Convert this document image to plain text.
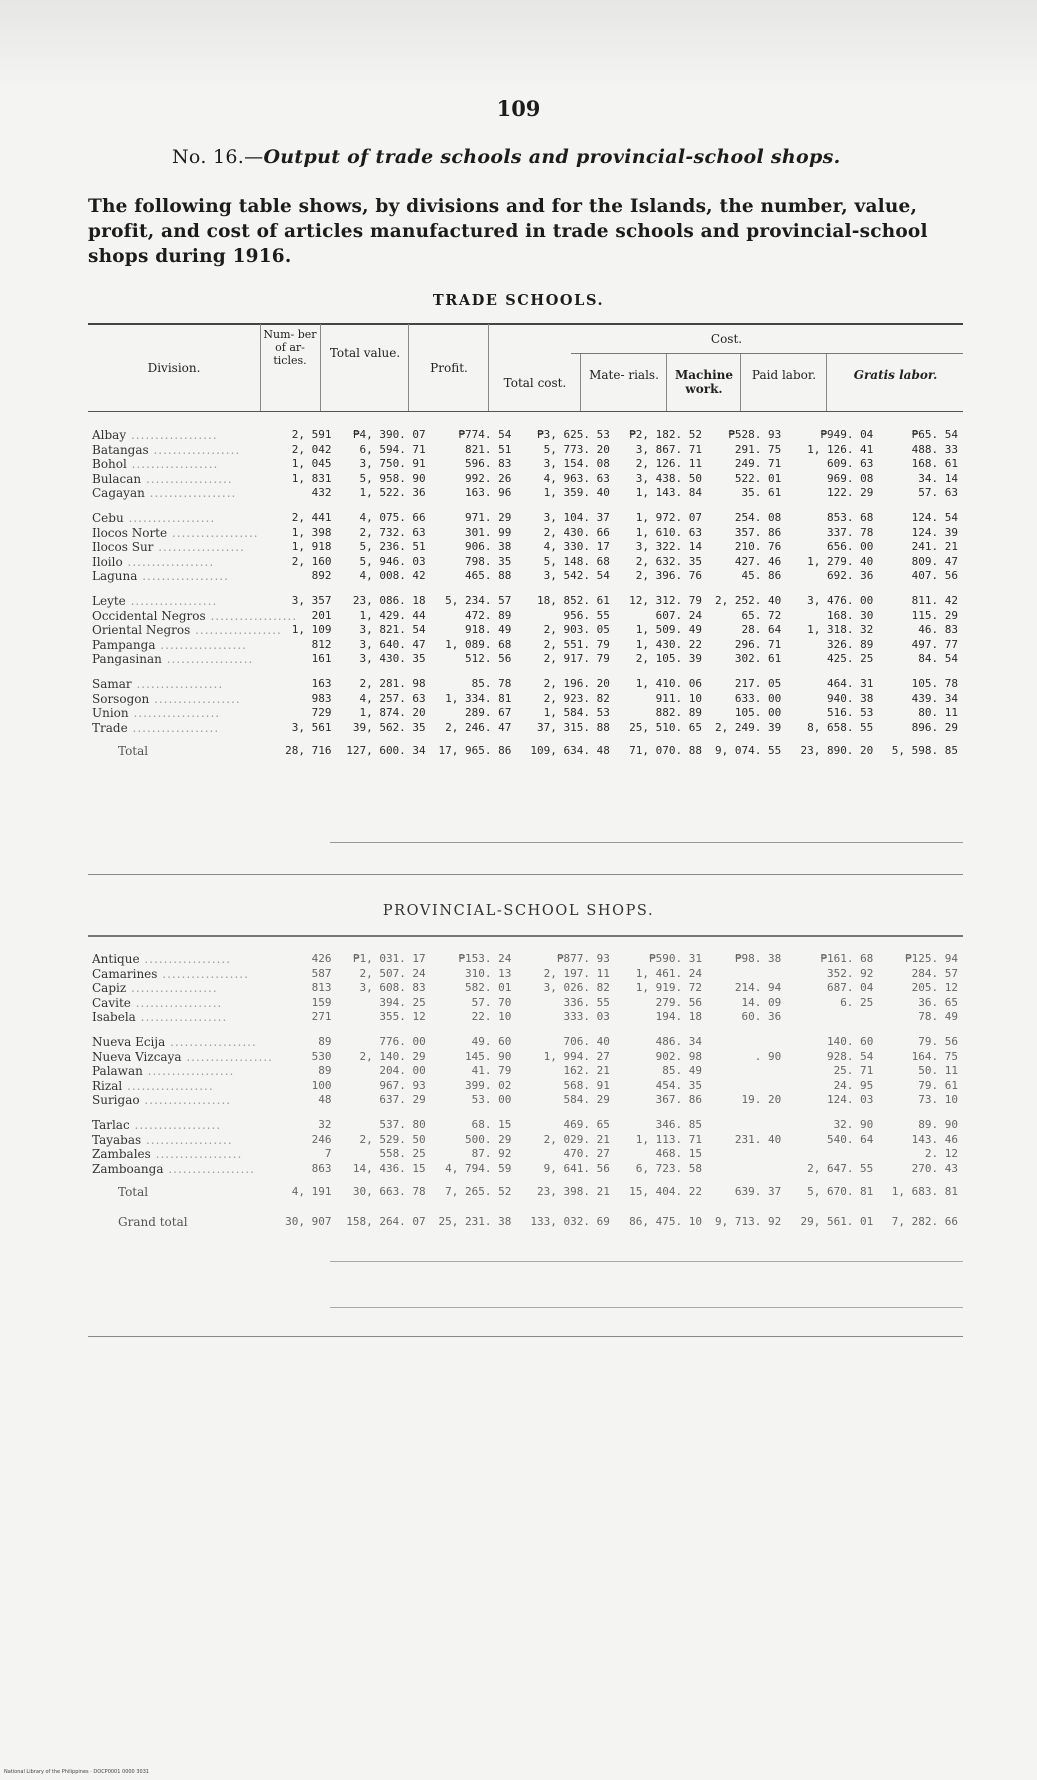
109
No. 16.—Output of trade schools and provincial-school shops.
The following table shows, by divisions and for the Islands, the number, value, profit, and cost of articles manufactured in trade schools and provincial-school shops during 1916.
TRADE SCHOOLS.
Division.
Num- ber of ar- ticles.
Total value.
Profit.
Cost.
Total cost.
Mate- rials.	Machine work.
Paid labor.	Gratis labor.
Albay ..................	2, 591	₱4, 390. 07	₱774. 54	₱3, 625. 53	₱2, 182. 52	₱528. 93	₱949. 04	₱65. 54
Batangas ..................	2, 042	6, 594. 71	821. 51	5, 773. 20	3, 867. 71	291. 75	1, 126. 41	488. 33
Bohol ..................	1, 045	3, 750. 91	596. 83	3, 154. 08	2, 126. 11	249. 71	609. 63	168. 61
Bulacan ..................	1, 831	5, 958. 90	992. 26	4, 963. 63	3, 438. 50	522. 01	969. 08	34. 14
Cagayan ..................	432	1, 522. 36	163. 96	1, 359. 40	1, 143. 84	35. 61	122. 29	57. 63

Cebu ..................	2, 441	4, 075. 66	971. 29	3, 104. 37	1, 972. 07	254. 08	853. 68	124. 54
Ilocos Norte ..................	1, 398	2, 732. 63	301. 99	2, 430. 66	1, 610. 63	357. 86	337. 78	124. 39
Ilocos Sur ..................	1, 918	5, 236. 51	906. 38	4, 330. 17	3, 322. 14	210. 76	656. 00	241. 21
Iloilo ..................	2, 160	5, 946. 03	798. 35	5, 148. 68	2, 632. 35	427. 46	1, 279. 40	809. 47
Laguna ..................	892	4, 008. 42	465. 88	3, 542. 54	2, 396. 76	45. 86	692. 36	407. 56

Leyte ..................	3, 357	23, 086. 18	5, 234. 57	18, 852. 61	12, 312. 79	2, 252. 40	3, 476. 00	811. 42
Occidental Negros ..................	201	1, 429. 44	472. 89	956. 55	607. 24	65. 72	168. 30	115. 29
Oriental Negros ..................	1, 109	3, 821. 54	918. 49	2, 903. 05	1, 509. 49	28. 64	1, 318. 32	46. 83
Pampanga ..................	812	3, 640. 47	1, 089. 68	2, 551. 79	1, 430. 22	296. 71	326. 89	497. 77
Pangasinan ..................	161	3, 430. 35	512. 56	2, 917. 79	2, 105. 39	302. 61	425. 25	84. 54

Samar ..................	163	2, 281. 98	85. 78	2, 196. 20	1, 410. 06	217. 05	464. 31	105. 78
Sorsogon ..................	983	4, 257. 63	1, 334. 81	2, 923. 82	911. 10	633. 00	940. 38	439. 34
Union ..................	729	1, 874. 20	289. 67	1, 584. 53	882. 89	105. 00	516. 53	80. 11
Trade ..................	3, 561	39, 562. 35	2, 246. 47	37, 315. 88	25, 510. 65	2, 249. 39	8, 658. 55	896. 29
Total	28, 716	127, 600. 34	17, 965. 86	109, 634. 48	71, 070. 88	9, 074. 55	23, 890. 20	5, 598. 85
PROVINCIAL-SCHOOL SHOPS.
Antique ..................	426	₱1, 031. 17	₱153. 24	₱877. 93	₱590. 31	₱98. 38	₱161. 68	₱125. 94
Camarines ..................	587	2, 507. 24	310. 13	2, 197. 11	1, 461. 24		352. 92	284. 57
Capiz ..................	813	3, 608. 83	582. 01	3, 026. 82	1, 919. 72	214. 94	687. 04	205. 12
Cavite ..................	159	394. 25	57. 70	336. 55	279. 56	14. 09	6. 25	36. 65
Isabela ..................	271	355. 12	22. 10	333. 03	194. 18	60. 36		78. 49

Nueva Ecija ..................	89	776. 00	49. 60	706. 40	486. 34		140. 60	79. 56
Nueva Vizcaya ..................	530	2, 140. 29	145. 90	1, 994. 27	902. 98	. 90	928. 54	164. 75
Palawan ..................	89	204. 00	41. 79	162. 21	85. 49		25. 71	50. 11
Rizal ..................	100	967. 93	399. 02	568. 91	454. 35		24. 95	79. 61
Surigao ..................	48	637. 29	53. 00	584. 29	367. 86	19. 20	124. 03	73. 10

Tarlac ..................	32	537. 80	68. 15	469. 65	346. 85		32. 90	89. 90
Tayabas ..................	246	2, 529. 50	500. 29	2, 029. 21	1, 113. 71	231. 40	540. 64	143. 46
Zambales ..................	7	558. 25	87. 92	470. 27	468. 15			2. 12
Zamboanga ..................	863	14, 436. 15	4, 794. 59	9, 641. 56	6, 723. 58		2, 647. 55	270. 43
Total	4, 191	30, 663. 78	7, 265. 52	23, 398. 21	15, 404. 22	639. 37	5, 670. 81	1, 683. 81
Grand total	30, 907	158, 264. 07	25, 231. 38	133, 032. 69	86, 475. 10	9, 713. 92	29, 561. 01	7, 282. 66
National Library of the Philippines · DOCP0001 0000 3031
